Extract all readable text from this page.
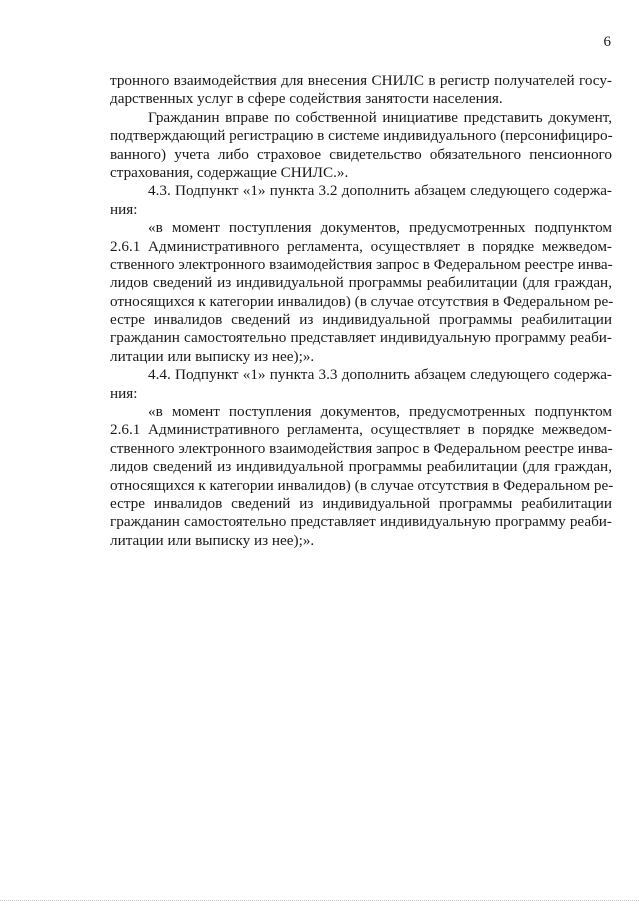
6
тронного взаимодействия для внесения СНИЛС в регистр получателей госу-
дарственных услуг в сфере содействия занятости населения.
Гражданин вправе по собственной инициативе представить документ,
подтверждающий регистрацию в системе индивидуального (персонифициро-
ванного) учета либо страховое свидетельство обязательного пенсионного
страхования, содержащие СНИЛС.».
4.3. Подпункт «1» пункта 3.2 дополнить абзацем следующего содержа-
ния:
«в момент поступления документов, предусмотренных подпунктом
2.6.1 Административного регламента, осуществляет в порядке межведом-
ственного электронного взаимодействия запрос в Федеральном реестре инва-
лидов сведений из индивидуальной программы реабилитации (для граждан,
относящихся к категории инвалидов) (в случае отсутствия в Федеральном ре-
естре инвалидов сведений из индивидуальной программы реабилитации
гражданин самостоятельно представляет индивидуальную программу реаби-
литации или выписку из нее);».
4.4. Подпункт «1» пункта 3.3 дополнить абзацем следующего содержа-
ния:
«в момент поступления документов, предусмотренных подпунктом
2.6.1 Административного регламента, осуществляет в порядке межведом-
ственного электронного взаимодействия запрос в Федеральном реестре инва-
лидов сведений из индивидуальной программы реабилитации (для граждан,
относящихся к категории инвалидов) (в случае отсутствия в Федеральном ре-
естре инвалидов сведений из индивидуальной программы реабилитации
гражданин самостоятельно представляет индивидуальную программу реаби-
литации или выписку из нее);».
